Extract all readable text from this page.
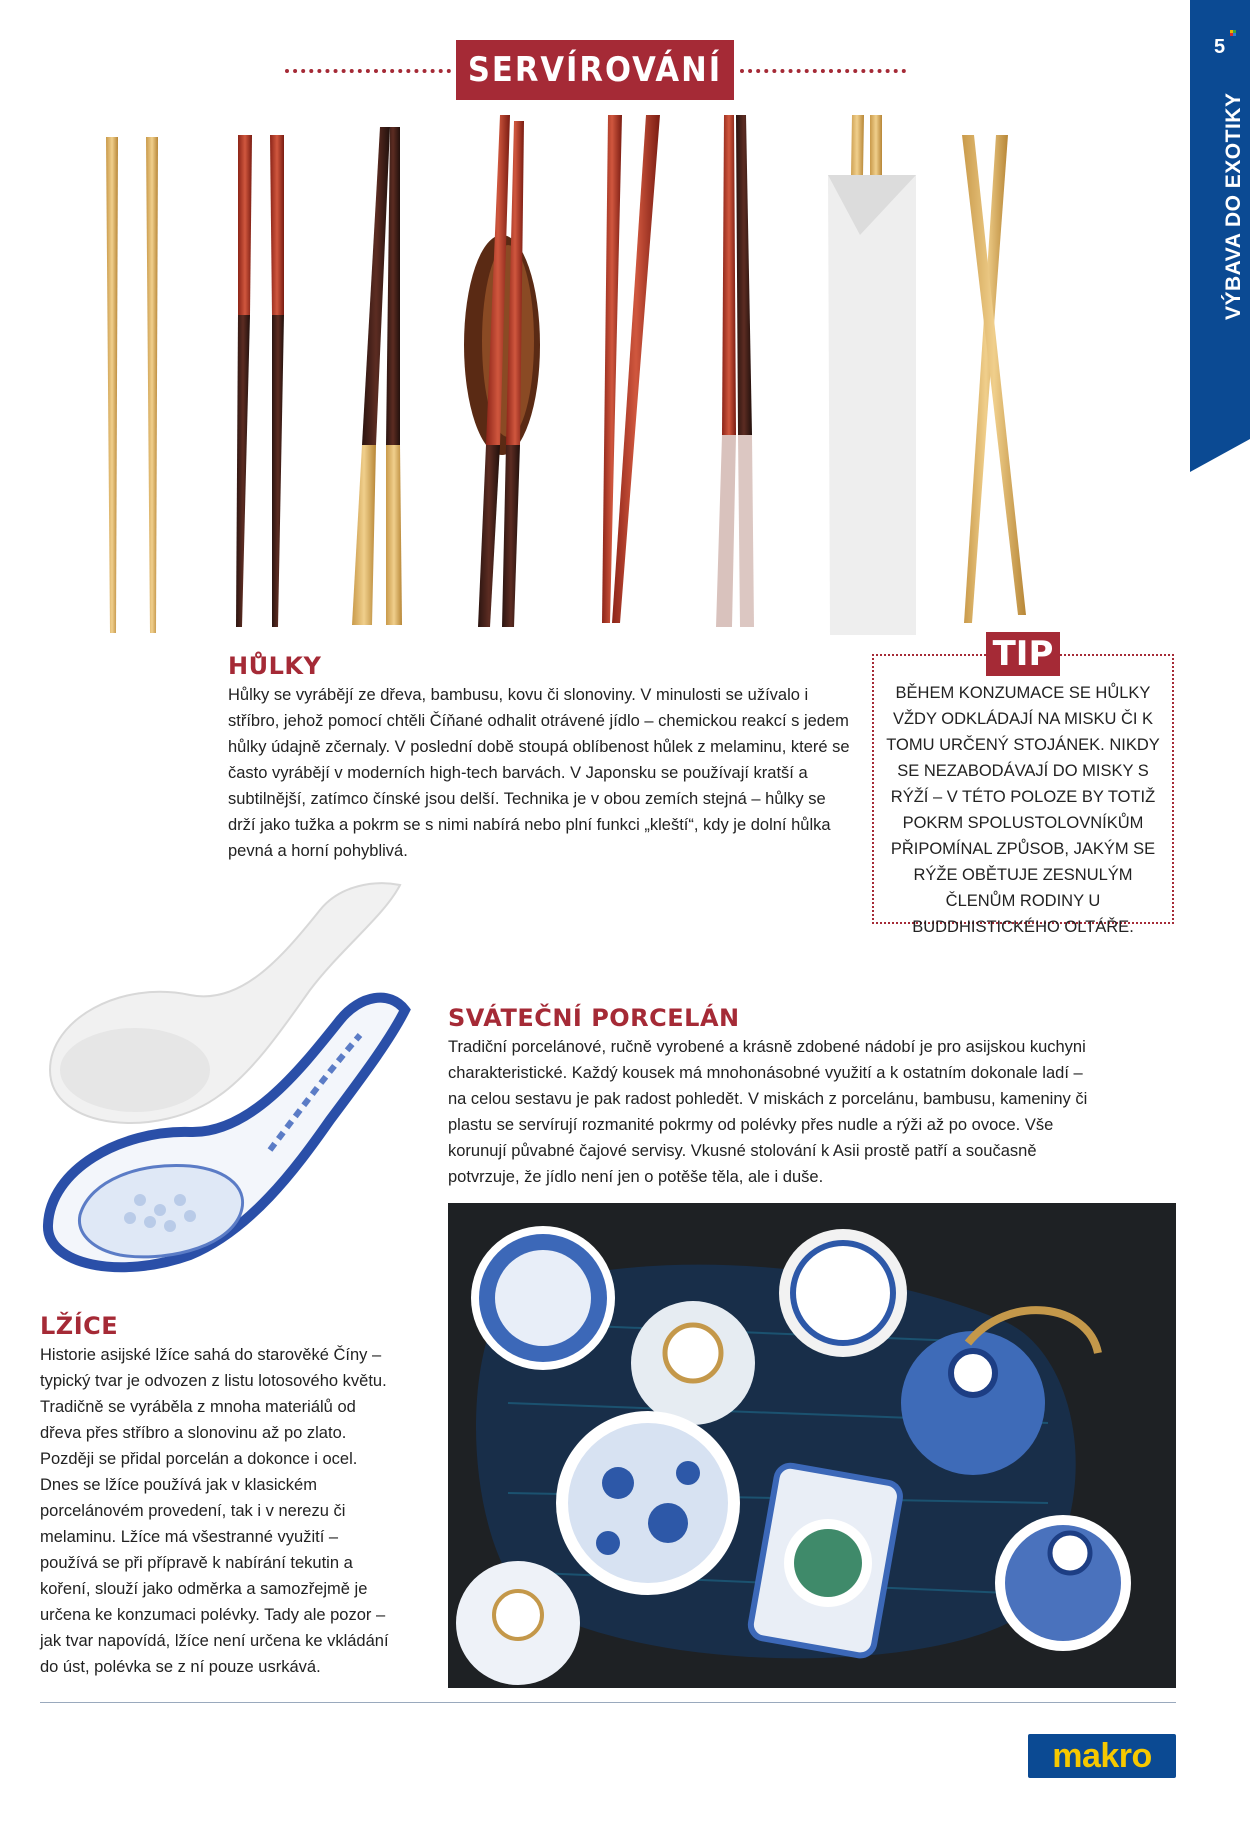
SERVÍROVÁNÍ
5
VÝBAVA DO EXOTIKY
HŮLKY

Hůlky se vyrábějí ze dřeva, bambusu, kovu či slonoviny. V minulosti se užívalo i stříbro, jehož pomocí chtěli Číňané odhalit otrávené jídlo – chemickou reakcí s jedem hůlky údajně zčernaly. V poslední době stoupá oblíbenost hůlek z melaminu, které se často vyrábějí v moderních high-tech barvách. V Japonsku se používají kratší a subtilnější, zatímco čínské jsou delší. Technika je v obou zemích stejná – hůlky se drží jako tužka a pokrm se s nimi nabírá nebo plní funkci „kleští“, kdy je dolní hůlka pevná a horní pohyblivá.

TIP

BĚHEM KONZUMACE SE HŮLKY VŽDY ODKLÁDAJÍ NA MISKU ČI K TOMU URČENÝ STOJÁNEK. NIKDY SE NEZABODÁVAJÍ DO MISKY S RÝŽÍ – V TÉTO POLOZE BY TOTIŽ POKRM SPOLUSTOLOVNÍKŮM PŘIPOMÍNAL ZPŮSOB, JAKÝM SE RÝŽE OBĚTUJE ZESNULÝM ČLENŮM RODINY U BUDDHISTICKÉHO OLTÁŘE.

SVÁTEČNÍ PORCELÁN

Tradiční porcelánové, ručně vyrobené a krásně zdobené nádobí je pro asijskou kuchyni charakteristické. Každý kousek má mnohonásobné využití a k ostatním dokonale ladí – na celou sestavu je pak radost pohledět. V miskách z porcelánu, bambusu, kameniny či plastu se servírují rozmanité pokrmy od polévky přes nudle a rýži až po ovoce. Vše korunují půvabné čajové servisy. Vkusné stolování k Asii prostě patří a současně potvrzuje, že jídlo není jen o potěše těla, ale i duše.

LŽÍCE

Historie asijské lžíce sahá do starověké Číny – typický tvar je odvozen z listu lotosového květu. Tradičně se vyráběla z mnoha materiálů od dřeva přes stříbro a slonovinu až po zlato. Později se přidal porcelán a dokonce i ocel. Dnes se lžíce používá jak v klasickém porcelánovém provedení, tak i v nerezu či melaminu. Lžíce má všestranné využití – používá se při přípravě k nabírání tekutin a koření, slouží jako odměrka a samozřejmě je určena ke konzumaci polévky. Tady ale pozor – jak tvar napovídá, lžíce není určena ke vkládání do úst, polévka se z ní pouze usrkává.

makro
